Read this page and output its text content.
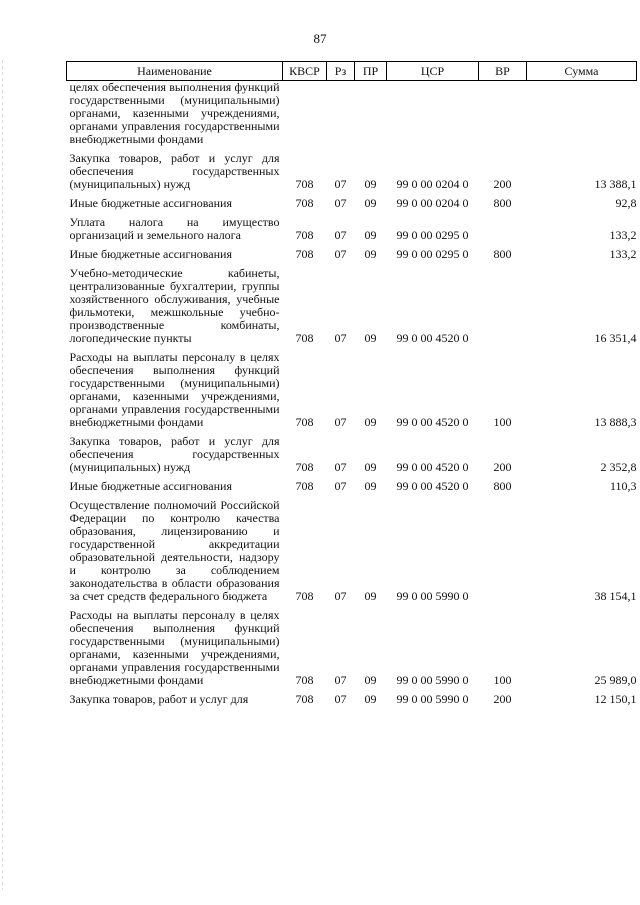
87
Наименование	КВСР	Рз	ПР	ЦСР	ВР	Сумма
целях обеспечения выполнения функций государственными (муниципальными) органами, казенными учреждениями, органами управления государственными внебюджетными фондами						
Закупка товаров, работ и услуг для обеспечения государственных (муниципальных) нужд	708	07	09	99 0 00 0204 0	200	13 388,1
Иные бюджетные ассигнования	708	07	09	99 0 00 0204 0	800	92,8
Уплата налога на имущество организаций и земельного налога	708	07	09	99 0 00 0295 0		133,2
Иные бюджетные ассигнования	708	07	09	99 0 00 0295 0	800	133,2
Учебно-методические кабинеты, централизованные бухгалтерии, группы хозяйственного обслуживания, учебные фильмотеки, межшкольные учебно-производственные комбинаты, логопедические пункты	708	07	09	99 0 00 4520 0		16 351,4
Расходы на выплаты персоналу в целях обеспечения выполнения функций государственными (муниципальными) органами, казенными учреждениями, органами управления государственными внебюджетными фондами	708	07	09	99 0 00 4520 0	100	13 888,3
Закупка товаров, работ и услуг для обеспечения государственных (муниципальных) нужд	708	07	09	99 0 00 4520 0	200	2 352,8
Иные бюджетные ассигнования	708	07	09	99 0 00 4520 0	800	110,3
Осуществление полномочий Российской Федерации по контролю качества образования, лицензированию и государственной аккредитации образовательной деятельности, надзору и контролю за соблюдением законодательства в области образования за счет средств федерального бюджета	708	07	09	99 0 00 5990 0		38 154,1
Расходы на выплаты персоналу в целях обеспечения выполнения функций государственными (муниципальными) органами, казенными учреждениями, органами управления государственными внебюджетными фондами	708	07	09	99 0 00 5990 0	100	25 989,0
Закупка товаров, работ и услуг для	708	07	09	99 0 00 5990 0	200	12 150,1
